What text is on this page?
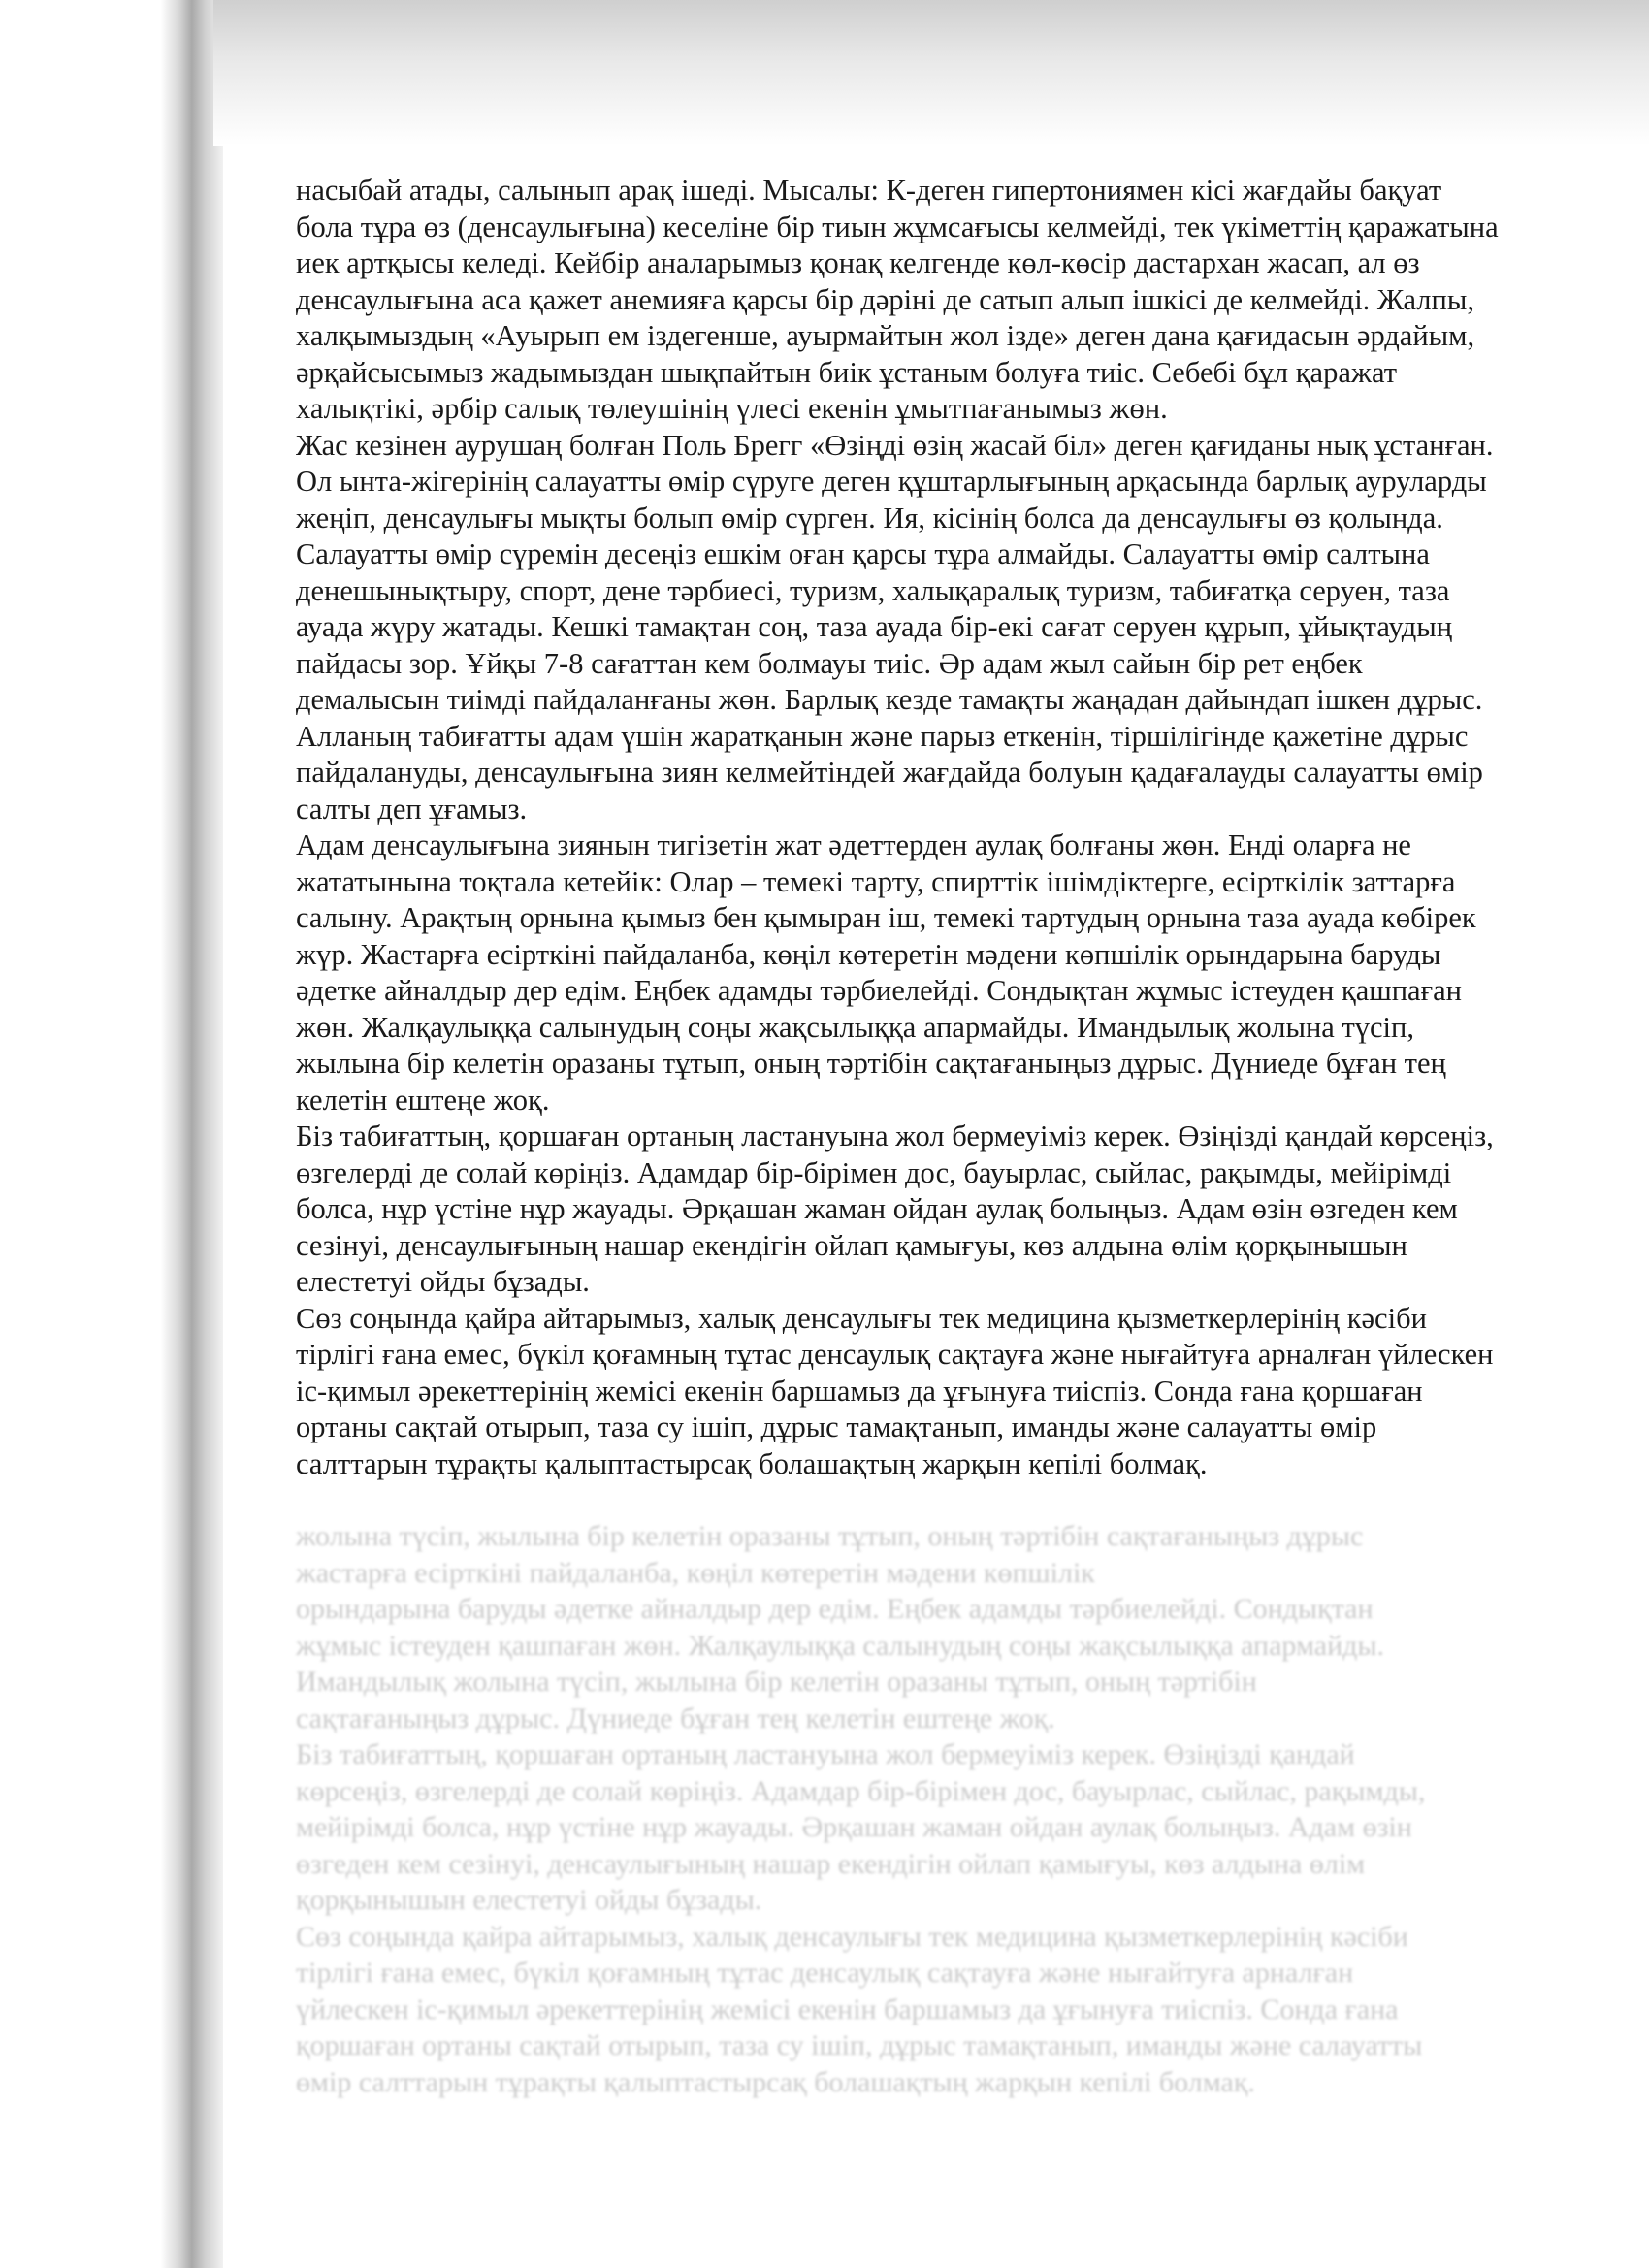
насыбай атады, салынып арақ ішеді. Мысалы: К-деген гипертониямен кісі жағдайы бақуат бола тұра өз (денсаулығына) кеселіне бір тиын жұмсағысы келмейді, тек үкіметтің қаражатына иек артқысы келеді. Кейбір аналарымыз қонақ келгенде көл-көсір дастархан жасап, ал өз денсаулығына аса қажет анемияға қарсы бір дәріні де сатып алып ішкісі де келмейді. Жалпы, халқымыздың «Ауырып ем іздегенше, ауырмайтын жол ізде» деген дана қағидасын әрдайым, әрқайсысымыз жадымыздан шықпайтын биік ұстаным болуға тиіс. Себебі бұл қаражат халықтікі, әрбір салық төлеушінің үлесі екенін ұмытпағанымыз жөн.

Жас кезінен аурушаң болған Поль Брегг «Өзіңді өзің жасай біл» деген қағиданы нық ұстанған. Ол ынта-жігерінің салауатты өмір сүруге деген құштарлығының арқасында барлық ауруларды жеңіп, денсаулығы мықты болып өмір сүрген. Ия, кісінің болса да денсаулығы өз қолында. Салауатты өмір сүремін десеңіз ешкім оған қарсы тұра алмайды. Салауатты өмір салтына денешынықтыру, спорт, дене тәрбиесі, туризм, халықаралық туризм, табиғатқа серуен, таза ауада жүру жатады. Кешкі тамақтан соң, таза ауада бір-екі сағат серуен құрып, ұйықтаудың пайдасы зор. Ұйқы 7-8 сағаттан кем болмауы тиіс. Әр адам жыл сайын бір рет еңбек демалысын тиімді пайдаланғаны жөн. Барлық кезде тамақты жаңадан дайындап ішкен дұрыс. Алланың табиғатты адам үшін жаратқанын және парыз еткенін, тіршілігінде қажетіне дұрыс пайдалануды, денсаулығына зиян келмейтіндей жағдайда болуын қадағалауды салауатты өмір салты деп ұғамыз.

Адам денсаулығына зиянын тигізетін жат әдеттерден аулақ болғаны жөн. Енді оларға не жататынына тоқтала кетейік: Олар – темекі тарту, спирттік ішімдіктерге, есірткілік заттарға салыну. Арақтың орнына қымыз бен қымыран іш, темекі тартудың орнына таза ауада көбірек жүр. Жастарға есірткіні пайдаланба, көңіл көтеретін мәдени көпшілік орындарына баруды әдетке айналдыр дер едім. Еңбек адамды тәрбиелейді. Сондықтан жұмыс істеуден қашпаған жөн. Жалқаулыққа салынудың соңы жақсылыққа апармайды. Имандылық жолына түсіп, жылына бір келетін оразаны тұтып, оның тәртібін сақтағаныңыз дұрыс. Дүниеде бұған тең келетін ештеңе жоқ.

Біз табиғаттың, қоршаған ортаның ластануына жол бермеуіміз керек. Өзіңізді қандай көрсеңіз, өзгелерді де солай көріңіз. Адамдар бір-бірімен дос, бауырлас, сыйлас, рақымды, мейірімді болса, нұр үстіне нұр жауады. Әрқашан жаман ойдан аулақ болыңыз. Адам өзін өзгеден кем сезінуі, денсаулығының нашар екендігін ойлап қамығуы, көз алдына өлім қорқынышын елестетуі ойды бұзады.

Сөз соңында қайра айтарымыз, халық денсаулығы тек медицина қызметкерлерінің кәсіби тірлігі ғана емес, бүкіл қоғамның тұтас денсаулық сақтауға және нығайтуға арналған үйлескен іс-қимыл әрекеттерінің жемісі екенін баршамыз да ұғынуға тиіспіз. Сонда ғана қоршаған ортаны сақтай отырып, таза су ішіп, дұрыс тамақтанып, иманды және салауатты өмір салттарын тұрақты қалыптастырсақ болашақтың жарқын кепілі болмақ.

жолына түсіп, жылына бір келетін оразаны тұтып, оның тәртібін сақтағаныңыз дұрыс

жастарға есірткіні пайдаланба, көңіл көтеретін мәдени көпшілік

орындарына баруды әдетке айналдыр дер едім. Еңбек адамды тәрбиелейді. Сондықтан

жұмыс істеуден қашпаған жөн. Жалқаулыққа салынудың соңы жақсылыққа апармайды.

Имандылық жолына түсіп, жылына бір келетін оразаны тұтып, оның тәртібін

сақтағаныңыз дұрыс. Дүниеде бұған тең келетін ештеңе жоқ.

Біз табиғаттың, қоршаған ортаның ластануына жол бермеуіміз керек. Өзіңізді қандай

көрсеңіз, өзгелерді де солай көріңіз. Адамдар бір-бірімен дос, бауырлас, сыйлас, рақымды,

мейірімді болса, нұр үстіне нұр жауады. Әрқашан жаман ойдан аулақ болыңыз. Адам өзін

өзгеден кем сезінуі, денсаулығының нашар екендігін ойлап қамығуы, көз алдына өлім

қорқынышын елестетуі ойды бұзады.

Сөз соңында қайра айтарымыз, халық денсаулығы тек медицина қызметкерлерінің кәсіби

тірлігі ғана емес, бүкіл қоғамның тұтас денсаулық сақтауға және нығайтуға арналған

үйлескен іс-қимыл әрекеттерінің жемісі екенін баршамыз да ұғынуға тиіспіз. Сонда ғана

қоршаған ортаны сақтай отырып, таза су ішіп, дұрыс тамақтанып, иманды және салауатты

өмір салттарын тұрақты қалыптастырсақ болашақтың жарқын кепілі болмақ.
